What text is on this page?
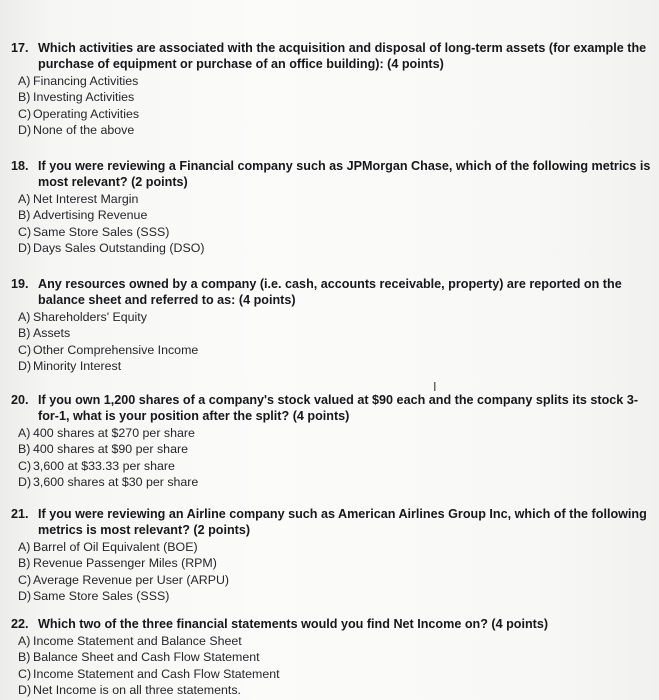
17. Which activities are associated with the acquisition and disposal of long-term assets (for example the purchase of equipment or purchase of an office building): (4 points)
A) Financing Activities
B) Investing Activities
C) Operating Activities
D) None of the above
18. If you were reviewing a Financial company such as JPMorgan Chase, which of the following metrics is most relevant? (2 points)
A) Net Interest Margin
B) Advertising Revenue
C) Same Store Sales (SSS)
D) Days Sales Outstanding (DSO)
19. Any resources owned by a company (i.e. cash, accounts receivable, property) are reported on the balance sheet and referred to as: (4 points)
A) Shareholders' Equity
B) Assets
C) Other Comprehensive Income
D) Minority Interest
I
20. If you own 1,200 shares of a company's stock valued at $90 each and the company splits its stock 3-for-1, what is your position after the split? (4 points)
A) 400 shares at $270 per share
B) 400 shares at $90 per share
C) 3,600 at $33.33 per share
D) 3,600 shares at $30 per share
21. If you were reviewing an Airline company such as American Airlines Group Inc, which of the following metrics is most relevant? (2 points)
A) Barrel of Oil Equivalent (BOE)
B) Revenue Passenger Miles (RPM)
C) Average Revenue per User (ARPU)
D) Same Store Sales (SSS)
22. Which two of the three financial statements would you find Net Income on? (4 points)
A) Income Statement and Balance Sheet
B) Balance Sheet and Cash Flow Statement
C) Income Statement and Cash Flow Statement
D) Net Income is on all three statements.
